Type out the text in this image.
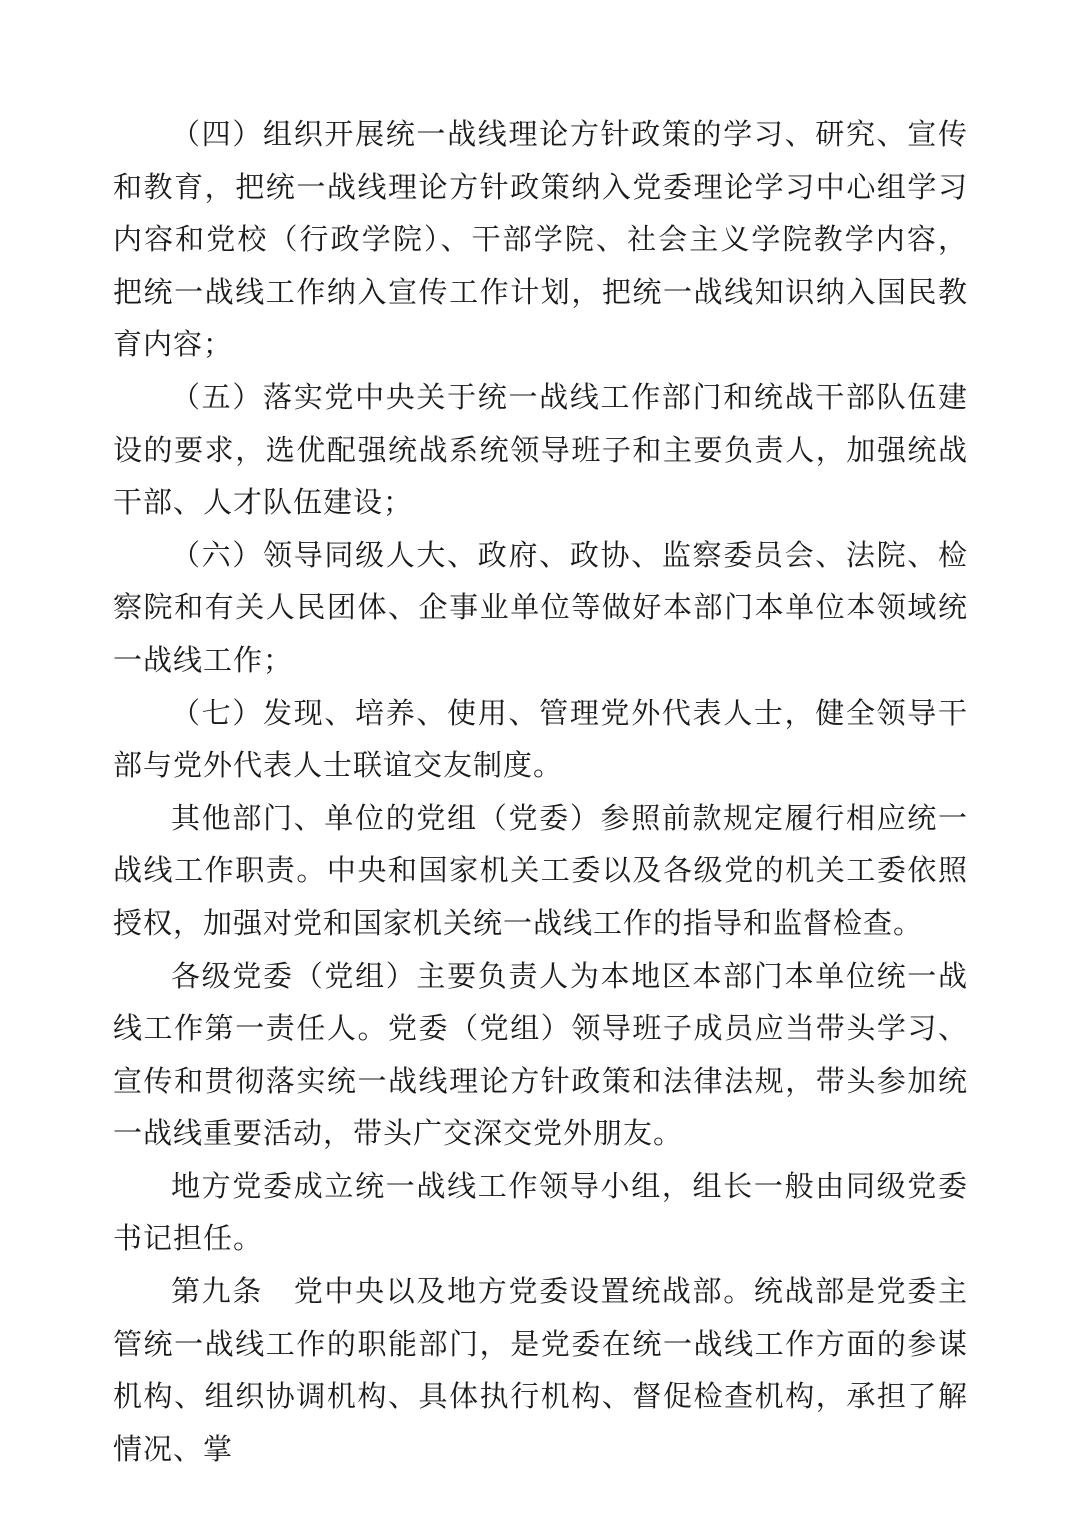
（四）组织开展统一战线理论方针政策的学习、研究、宣传和教育，把统一战线理论方针政策纳入党委理论学习中心组学习内容和党校（行政学院）、干部学院、社会主义学院教学内容，把统一战线工作纳入宣传工作计划，把统一战线知识纳入国民教育内容；

（五）落实党中央关于统一战线工作部门和统战干部队伍建设的要求，选优配强统战系统领导班子和主要负责人，加强统战干部、人才队伍建设；

（六）领导同级人大、政府、政协、监察委员会、法院、检察院和有关人民团体、企事业单位等做好本部门本单位本领域统一战线工作；

（七）发现、培养、使用、管理党外代表人士，健全领导干部与党外代表人士联谊交友制度。

其他部门、单位的党组（党委）参照前款规定履行相应统一战线工作职责。中央和国家机关工委以及各级党的机关工委依照授权，加强对党和国家机关统一战线工作的指导和监督检查。

各级党委（党组）主要负责人为本地区本部门本单位统一战线工作第一责任人。党委（党组）领导班子成员应当带头学习、宣传和贯彻落实统一战线理论方针政策和法律法规，带头参加统一战线重要活动，带头广交深交党外朋友。

地方党委成立统一战线工作领导小组，组长一般由同级党委书记担任。

第九条　党中央以及地方党委设置统战部。统战部是党委主管统一战线工作的职能部门，是党委在统一战线工作方面的参谋机构、组织协调机构、具体执行机构、督促检查机构，承担了解情况、掌
